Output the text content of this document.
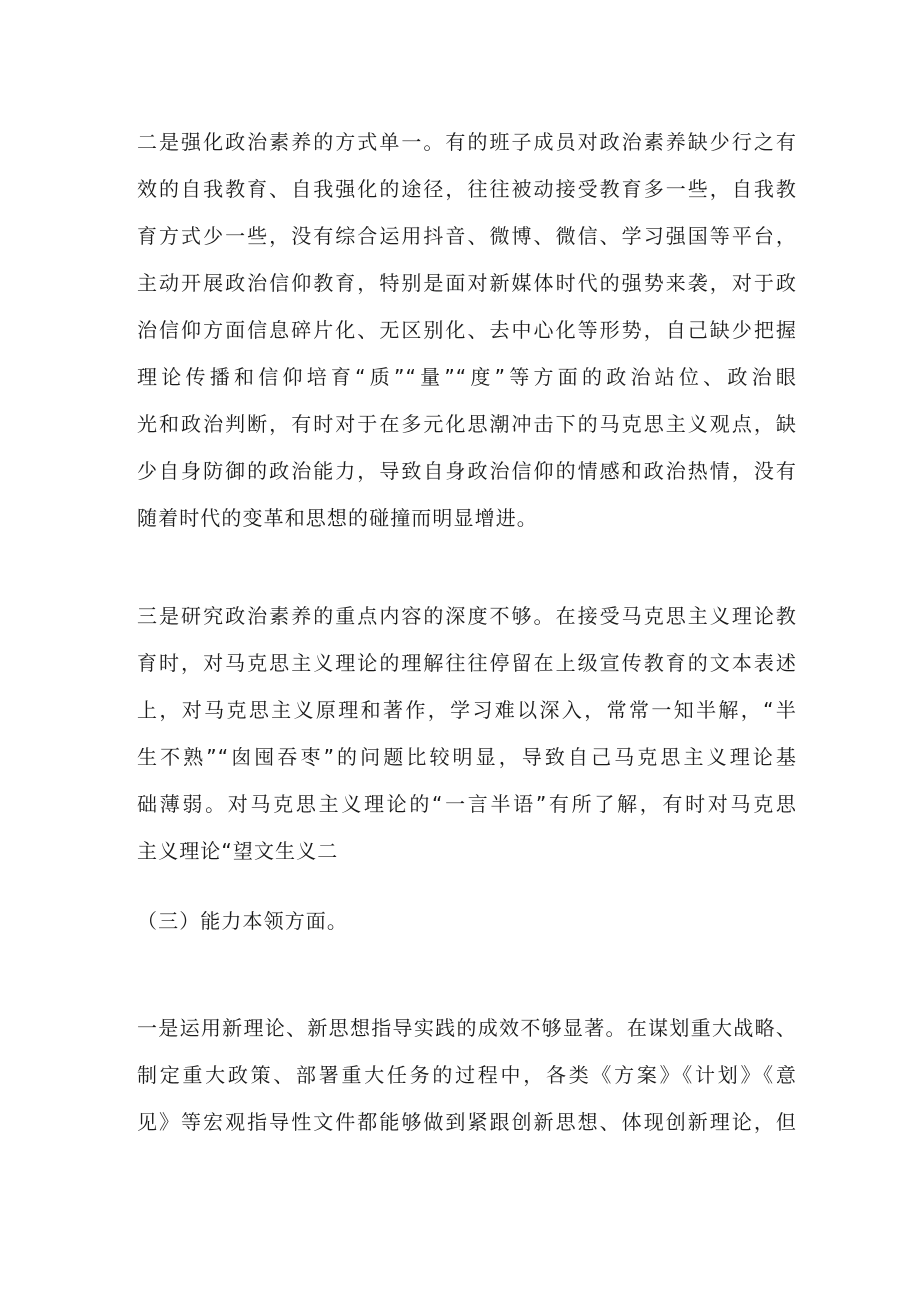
二是强化政治素养的方式单一。有的班子成员对政治素养缺少行之有
效的自我教育、自我强化的途径，往往被动接受教育多一些，自我教
育方式少一些，没有综合运用抖音、微博、微信、学习强国等平台，
主动开展政治信仰教育，特别是面对新媒体时代的强势来袭，对于政
治信仰方面信息碎片化、无区别化、去中心化等形势，自己缺少把握
理论传播和信仰培育“质”“量”“度”等方面的政治站位、政治眼
光和政治判断，有时对于在多元化思潮冲击下的马克思主义观点，缺
少自身防御的政治能力，导致自身政治信仰的情感和政治热情，没有
随着时代的变革和思想的碰撞而明显增进。
三是研究政治素养的重点内容的深度不够。在接受马克思主义理论教
育时，对马克思主义理论的理解往往停留在上级宣传教育的文本表述
上，对马克思主义原理和著作，学习难以深入，常常一知半解，“半
生不熟”“囱囤吞枣”的问题比较明显，导致自己马克思主义理论基
础薄弱。对马克思主义理论的“一言半语”有所了解，有时对马克思
主义理论“望文生义二
（三）能力本领方面。
一是运用新理论、新思想指导实践的成效不够显著。在谋划重大战略、
制定重大政策、部署重大任务的过程中，各类《方案》《计划》《意
见》等宏观指导性文件都能够做到紧跟创新思想、体现创新理论，但
